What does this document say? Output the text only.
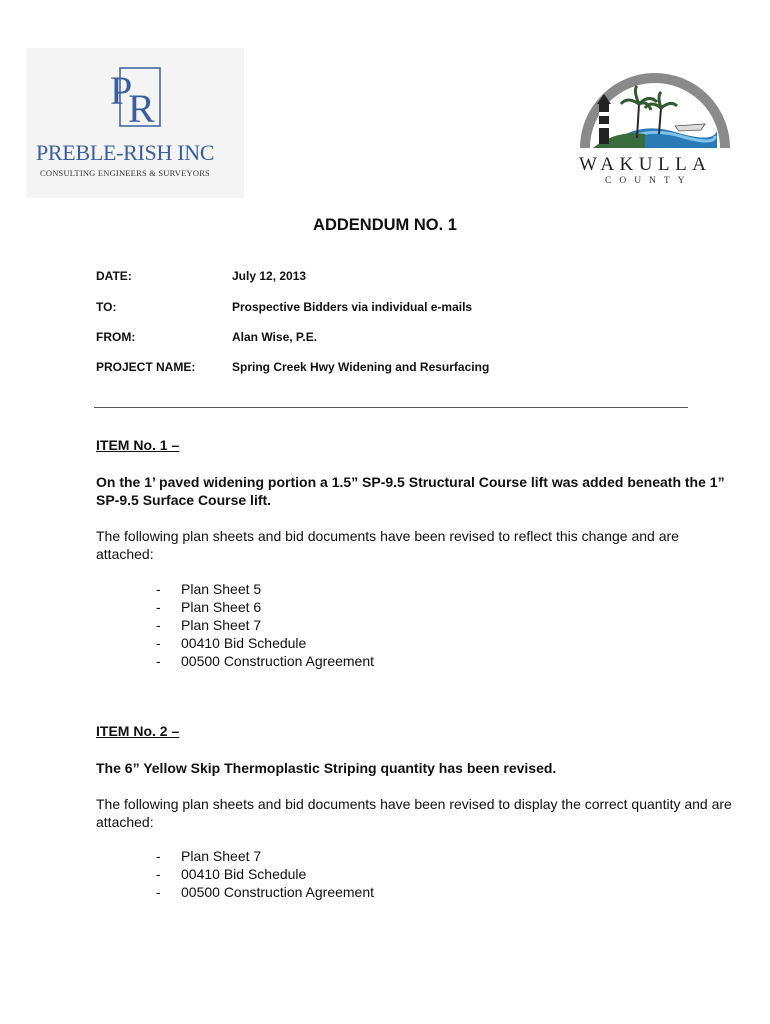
P
R
PREBLE-RISH INC
CONSULTING ENGINEERS & SURVEYORS	WAKULLA
COUNTY
ADDENDUM NO. 1
DATE:	July 12, 2013
TO:	Prospective Bidders via individual e-mails
FROM:	Alan Wise, P.E.
PROJECT NAME:	Spring Creek Hwy Widening and Resurfacing
ITEM No. 1 –
On the 1’ paved widening portion a 1.5” SP-9.5 Structural Course lift was added beneath the 1” SP-9.5 Surface Course lift.
The following plan sheets and bid documents have been revised to reflect this change and are attached:
- Plan Sheet 5
- Plan Sheet 6
- Plan Sheet 7
- 00410 Bid Schedule
- 00500 Construction Agreement
ITEM No. 2 –
The 6” Yellow Skip Thermoplastic Striping quantity has been revised.
The following plan sheets and bid documents have been revised to display the correct quantity and are attached:
- Plan Sheet 7
- 00410 Bid Schedule
- 00500 Construction Agreement
